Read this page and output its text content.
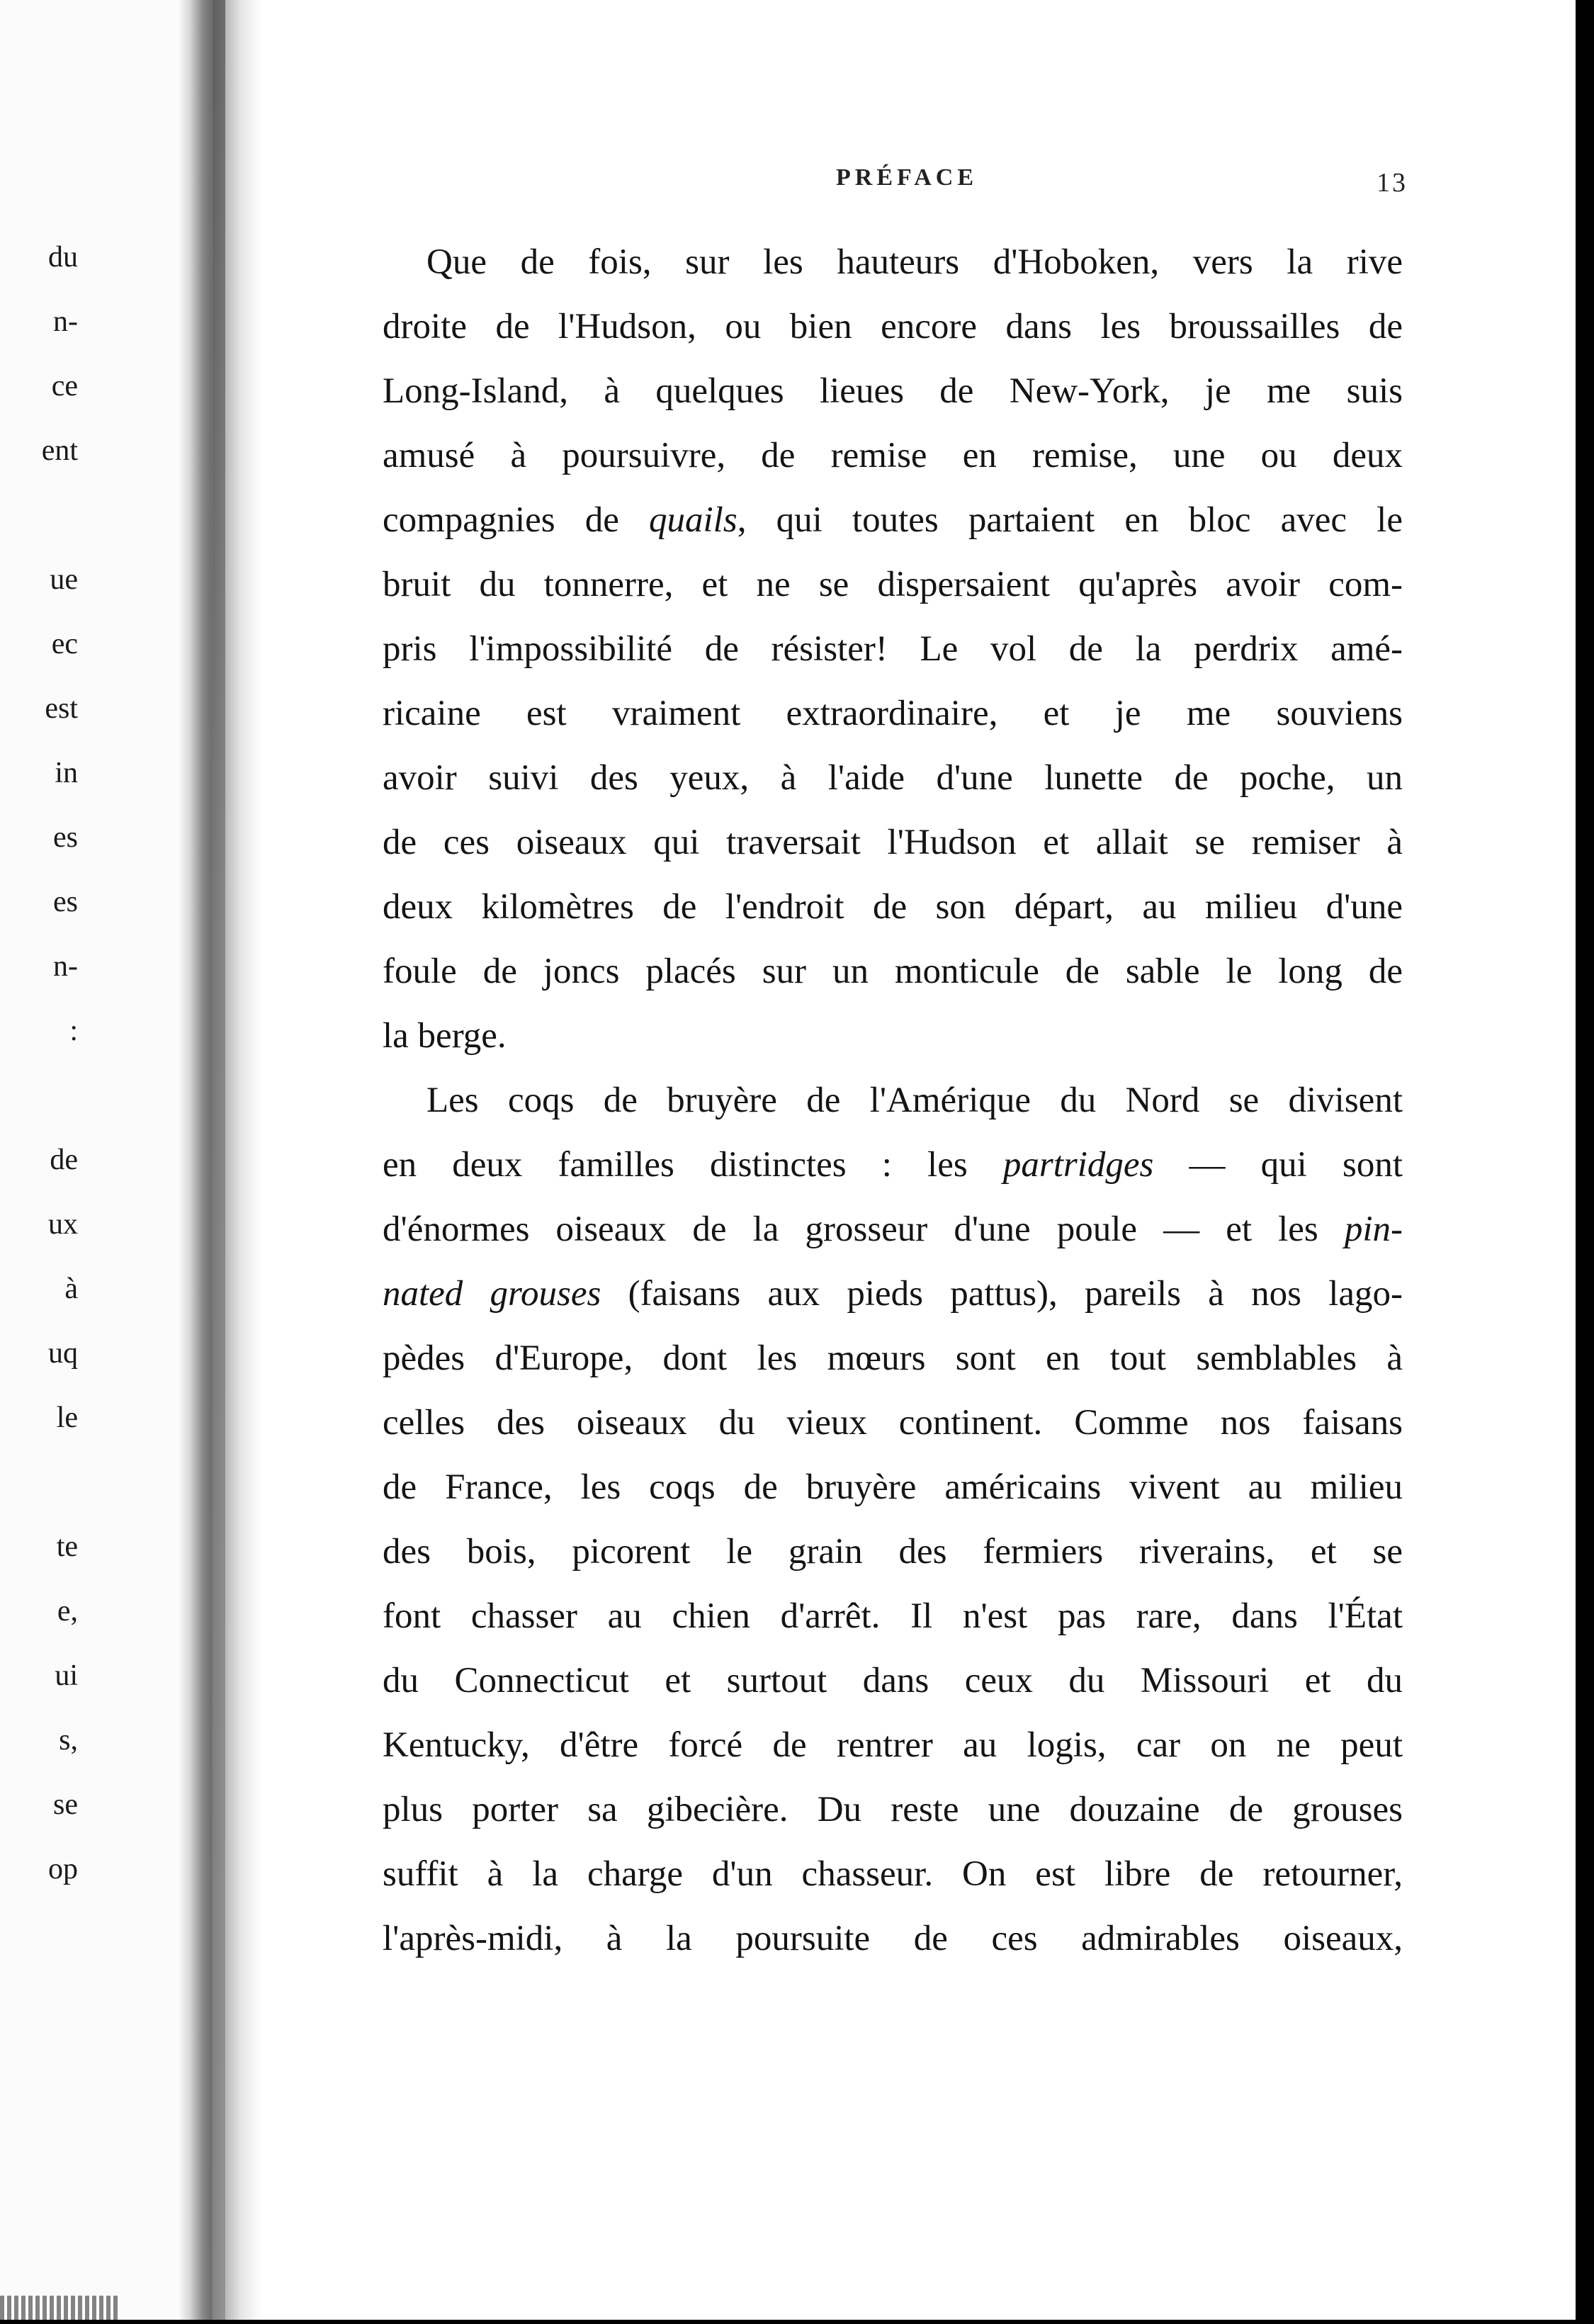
du
n-
ce
ent
ue
ec
est
in
es
es
n-
:
de
ux
à
uq
le
te
e,
ui
s,
se
op
PRÉFACE	13
Que de fois, sur les hauteurs d'Hoboken, vers la rive
droite de l'Hudson, ou bien encore dans les broussailles de
Long-Island, à quelques lieues de New-York, je me suis
amusé à poursuivre, de remise en remise, une ou deux
compagnies de quails, qui toutes partaient en bloc avec le
bruit du tonnerre, et ne se dispersaient qu'après avoir com-
pris l'impossibilité de résister! Le vol de la perdrix amé-
ricaine est vraiment extraordinaire, et je me souviens
avoir suivi des yeux, à l'aide d'une lunette de poche, un
de ces oiseaux qui traversait l'Hudson et allait se remiser à
deux kilomètres de l'endroit de son départ, au milieu d'une
foule de joncs placés sur un monticule de sable le long de
la berge.
Les coqs de bruyère de l'Amérique du Nord se divisent
en deux familles distinctes : les partridges — qui sont
d'énormes oiseaux de la grosseur d'une poule — et les pin-
nated grouses (faisans aux pieds pattus), pareils à nos lago-
pèdes d'Europe, dont les mœurs sont en tout semblables à
celles des oiseaux du vieux continent. Comme nos faisans
de France, les coqs de bruyère américains vivent au milieu
des bois, picorent le grain des fermiers riverains, et se
font chasser au chien d'arrêt. Il n'est pas rare, dans l'État
du Connecticut et surtout dans ceux du Missouri et du
Kentucky, d'être forcé de rentrer au logis, car on ne peut
plus porter sa gibecière. Du reste une douzaine de grouses
suffit à la charge d'un chasseur. On est libre de retourner,
l'après-midi, à la poursuite de ces admirables oiseaux,
